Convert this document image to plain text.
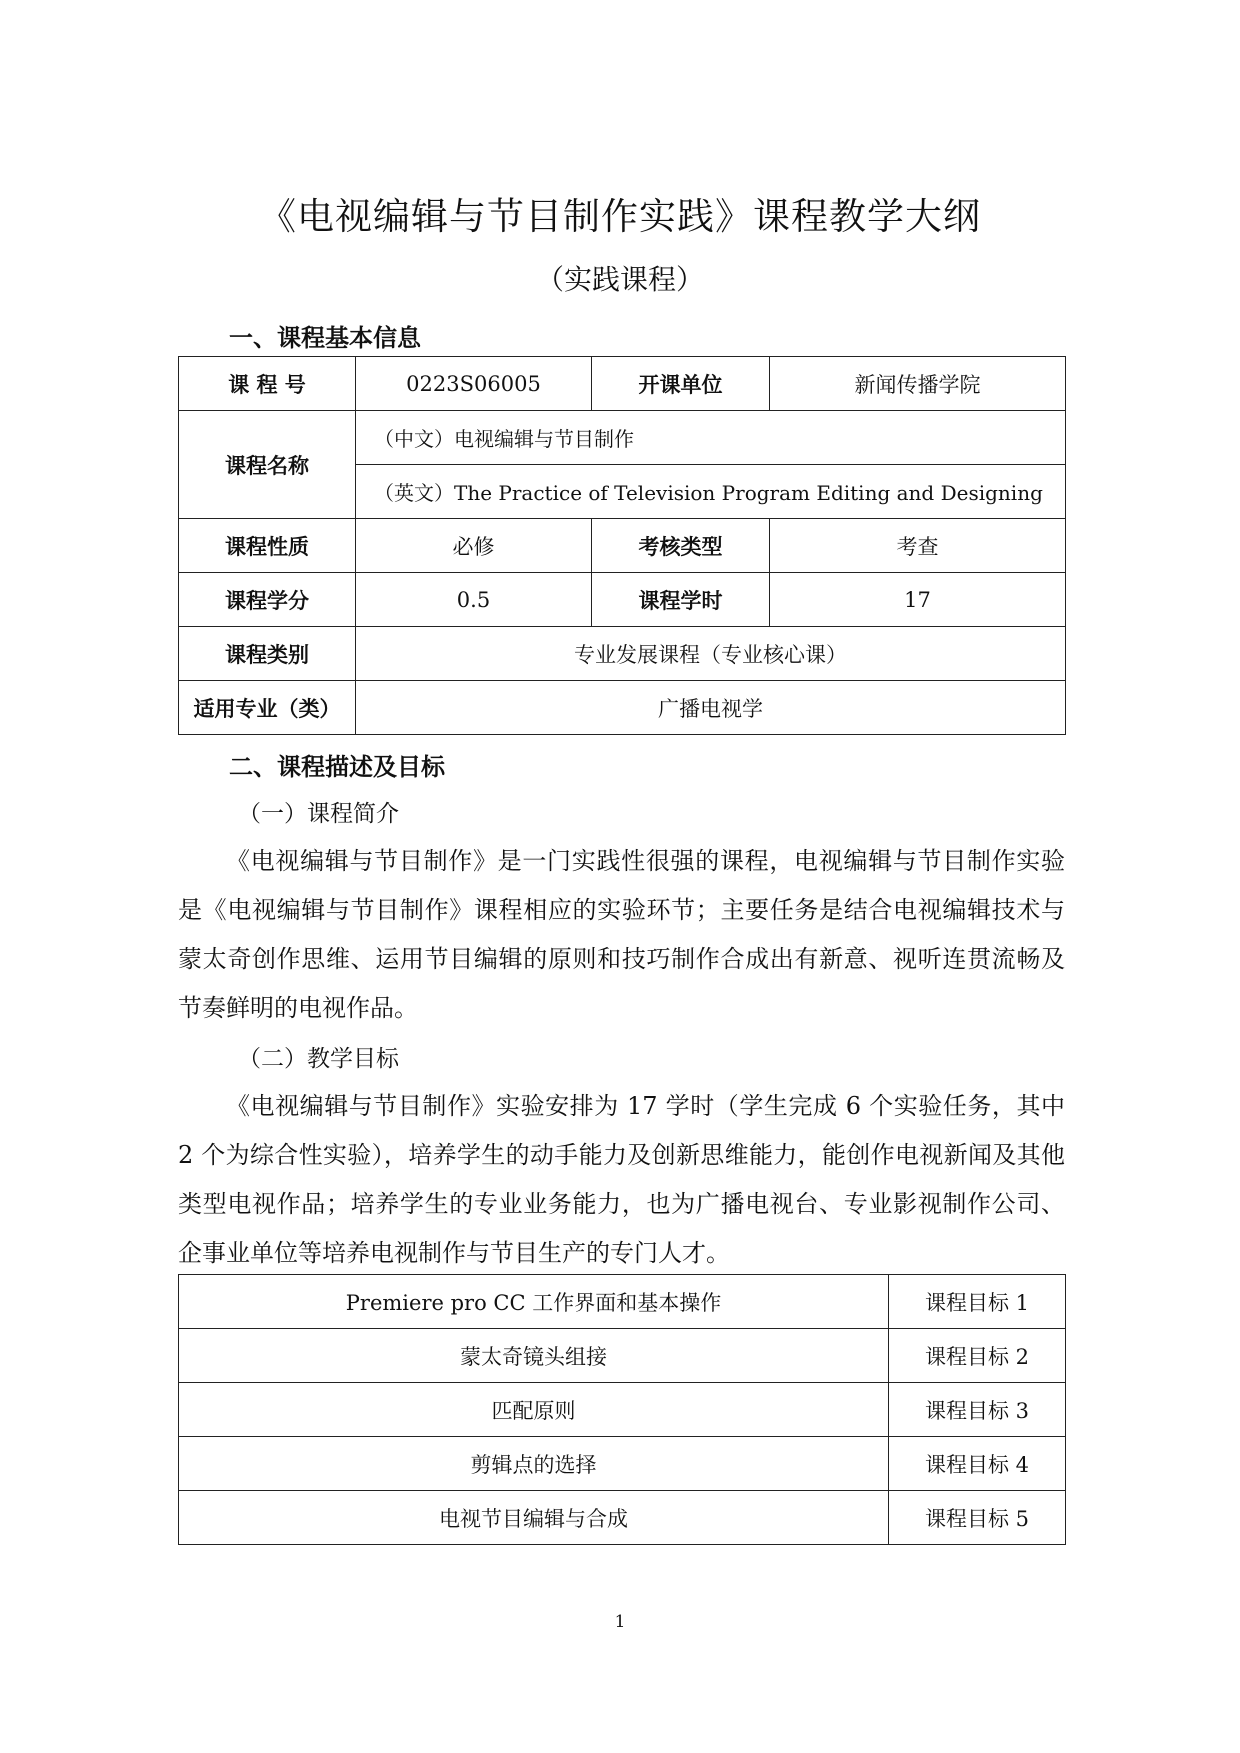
《电视编辑与节目制作实践》课程教学大纲
（实践课程）
一、课程基本信息
课 程 号	0223S06005	开课单位	新闻传播学院
课程名称	（中文）电视编辑与节目制作		
	（英文）The Practice of Television Program Editing and Designing		
课程性质	必修	考核类型	考查
课程学分	0.5	课程学时	17
课程类别	专业发展课程（专业核心课）		
适用专业（类）	广播电视学		
二、课程描述及目标
（一）课程简介

《电视编辑与节目制作》是一门实践性很强的课程，电视编辑与节目制作实验是《电视编辑与节目制作》课程相应的实验环节；主要任务是结合电视编辑技术与蒙太奇创作思维、运用节目编辑的原则和技巧制作合成出有新意、视听连贯流畅及节奏鲜明的电视作品。

（二）教学目标

《电视编辑与节目制作》实验安排为 17 学时（学生完成 6 个实验任务，其中 2 个为综合性实验），培养学生的动手能力及创新思维能力，能创作电视新闻及其他类型电视作品；培养学生的专业业务能力，也为广播电视台、专业影视制作公司、企事业单位等培养电视制作与节目生产的专门人才。

Premiere pro CC 工作界面和基本操作	课程目标 1
蒙太奇镜头组接	课程目标 2
匹配原则	课程目标 3
剪辑点的选择	课程目标 4
电视节目编辑与合成	课程目标 5
1
